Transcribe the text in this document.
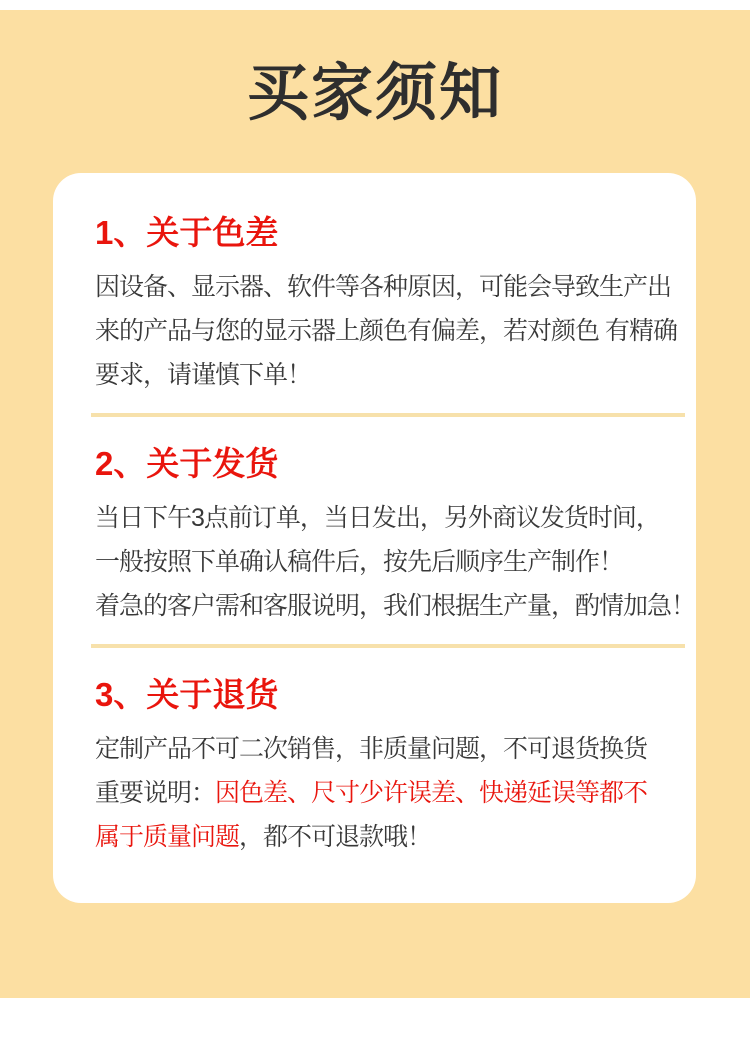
买家须知
1、关于色差
因设备、显示器、软件等各种原因，可能会导致生产出
来的产品与您的显示器上颜色有偏差，若对颜色 有精确
要求，请谨慎下单！
2、关于发货
当日下午3点前订单，当日发出，另外商议发货时间，
一般按照下单确认稿件后，按先后顺序生产制作！
着急的客户需和客服说明，我们根据生产量，酌情加急！
3、关于退货
定制产品不可二次销售，非质量问题，不可退货换货
重要说明：因色差、尺寸少许误差、快递延误等都不
属于质量问题，都不可退款哦！
